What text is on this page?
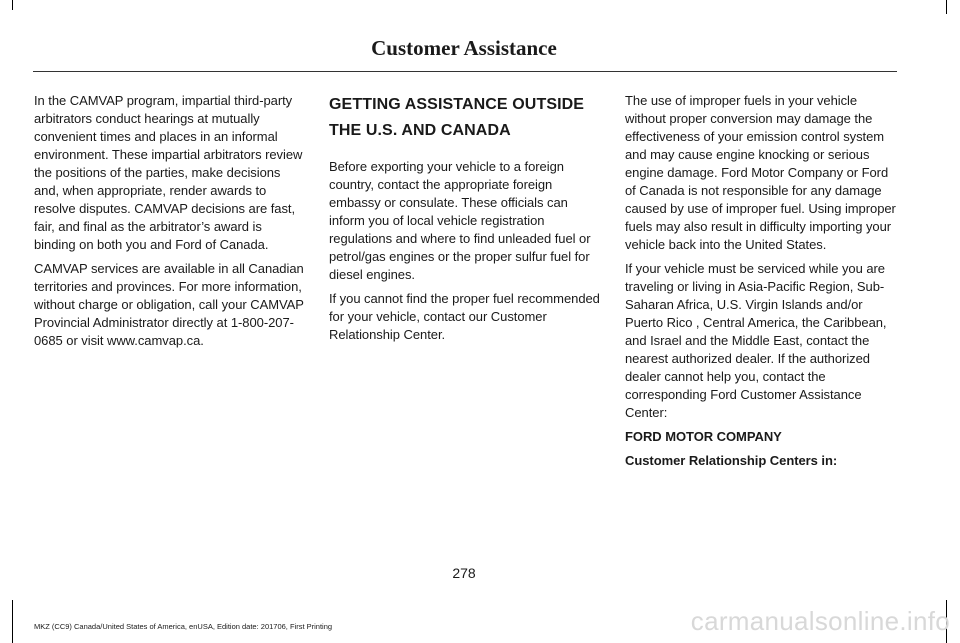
Customer Assistance

In the CAMVAP program, impartial third-party arbitrators conduct hearings at mutually convenient times and places in an informal environment. These impartial arbitrators review the positions of the parties, make decisions and, when appropriate, render awards to resolve disputes. CAMVAP decisions are fast, fair, and final as the arbitrator’s award is binding on both you and Ford of Canada.

CAMVAP services are available in all Canadian territories and provinces. For more information, without charge or obligation, call your CAMVAP Provincial Administrator directly at 1-800-207-0685 or visit www.camvap.ca.

GETTING ASSISTANCE OUTSIDE
THE U.S. AND CANADA

Before exporting your vehicle to a foreign country, contact the appropriate foreign embassy or consulate. These officials can inform you of local vehicle registration regulations and where to find unleaded fuel or petrol/gas engines or the proper sulfur fuel for diesel engines.

If you cannot find the proper fuel recommended for your vehicle, contact our Customer Relationship Center.

The use of improper fuels in your vehicle without proper conversion may damage the effectiveness of your emission control system and may cause engine knocking or serious engine damage. Ford Motor Company or Ford of Canada is not responsible for any damage caused by use of improper fuel. Using improper fuels may also result in difficulty importing your vehicle back into the United States.

If your vehicle must be serviced while you are traveling or living in Asia-Pacific Region, Sub-Saharan Africa, U.S. Virgin Islands and/or Puerto Rico , Central America, the Caribbean, and Israel and the Middle East, contact the nearest authorized dealer. If the authorized dealer cannot help you, contact the corresponding Ford Customer Assistance Center:

FORD MOTOR COMPANY

Customer Relationship Centers in:

278
MKZ (CC9) Canada/United States of America, enUSA, Edition date: 201706, First Printing	carmanualsonline.info
